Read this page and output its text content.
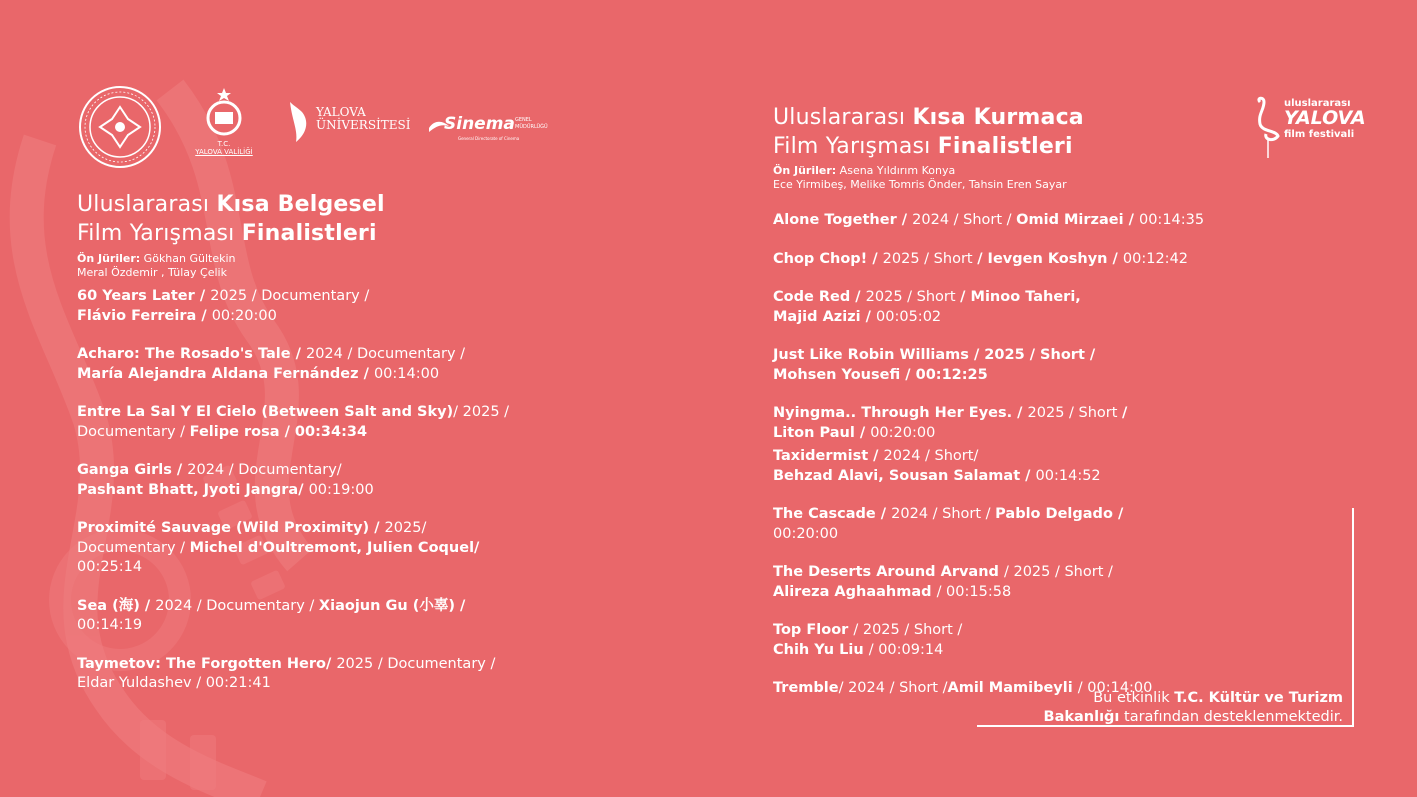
T.C.
YALOVA VALİLİĞİ
YALOVA
ÜNİVERSİTESİ Sinema GENEL
MÜDÜRLÜĞÜ
General Directorate of Cinema
uluslararası
YALOVA
film festivali
Uluslararası Kısa Belgesel
Film Yarışması Finalistleri
Ön Jüriler: Gökhan Gültekin
Meral Özdemir , Tülay Çelik
60 Years Later / 2025 / Documentary /
Flávio Ferreira / 00:20:00
Acharo: The Rosado's Tale / 2024 / Documentary /
María Alejandra Aldana Fernández / 00:14:00
Entre La Sal Y El Cielo (Between Salt and Sky)/ 2025 /
Documentary / Felipe rosa / 00:34:34
Ganga Girls / 2024 / Documentary/
Pashant Bhatt, Jyoti Jangra/ 00:19:00
Proximité Sauvage (Wild Proximity) / 2025/
Documentary / Michel d'Oultremont, Julien Coquel/
00:25:14
Sea (海) / 2024 / Documentary / Xiaojun Gu (小辜) /
00:14:19
Taymetov: The Forgotten Hero/ 2025 / Documentary /
Eldar Yuldashev / 00:21:41
Uluslararası Kısa Kurmaca
Film Yarışması Finalistleri
Ön Jüriler: Asena Yıldırım Konya
Ece Yirmibeş, Melike Tomris Önder, Tahsin Eren Sayar
Alone Together / 2024 / Short / Omid Mirzaei / 00:14:35
Chop Chop! / 2025 / Short / Ievgen Koshyn / 00:12:42
Code Red / 2025 / Short / Minoo Taheri,
Majid Azizi / 00:05:02
Just Like Robin Williams / 2025 / Short /
Mohsen Yousefi / 00:12:25
Nyingma.. Through Her Eyes. / 2025 / Short /
Liton Paul / 00:20:00
Taxidermist / 2024 / Short/
Behzad Alavi, Sousan Salamat / 00:14:52
The Cascade / 2024 / Short / Pablo Delgado /
00:20:00
The Deserts Around Arvand / 2025 / Short /
Alireza Aghaahmad / 00:15:58
Top Floor / 2025 / Short /
Chih Yu Liu / 00:09:14
Tremble/ 2024 / Short /Amil Mamibeyli / 00:14:00
Bu etkinlik T.C. Kültür ve Turizm
Bakanlığı tarafından desteklenmektedir.
